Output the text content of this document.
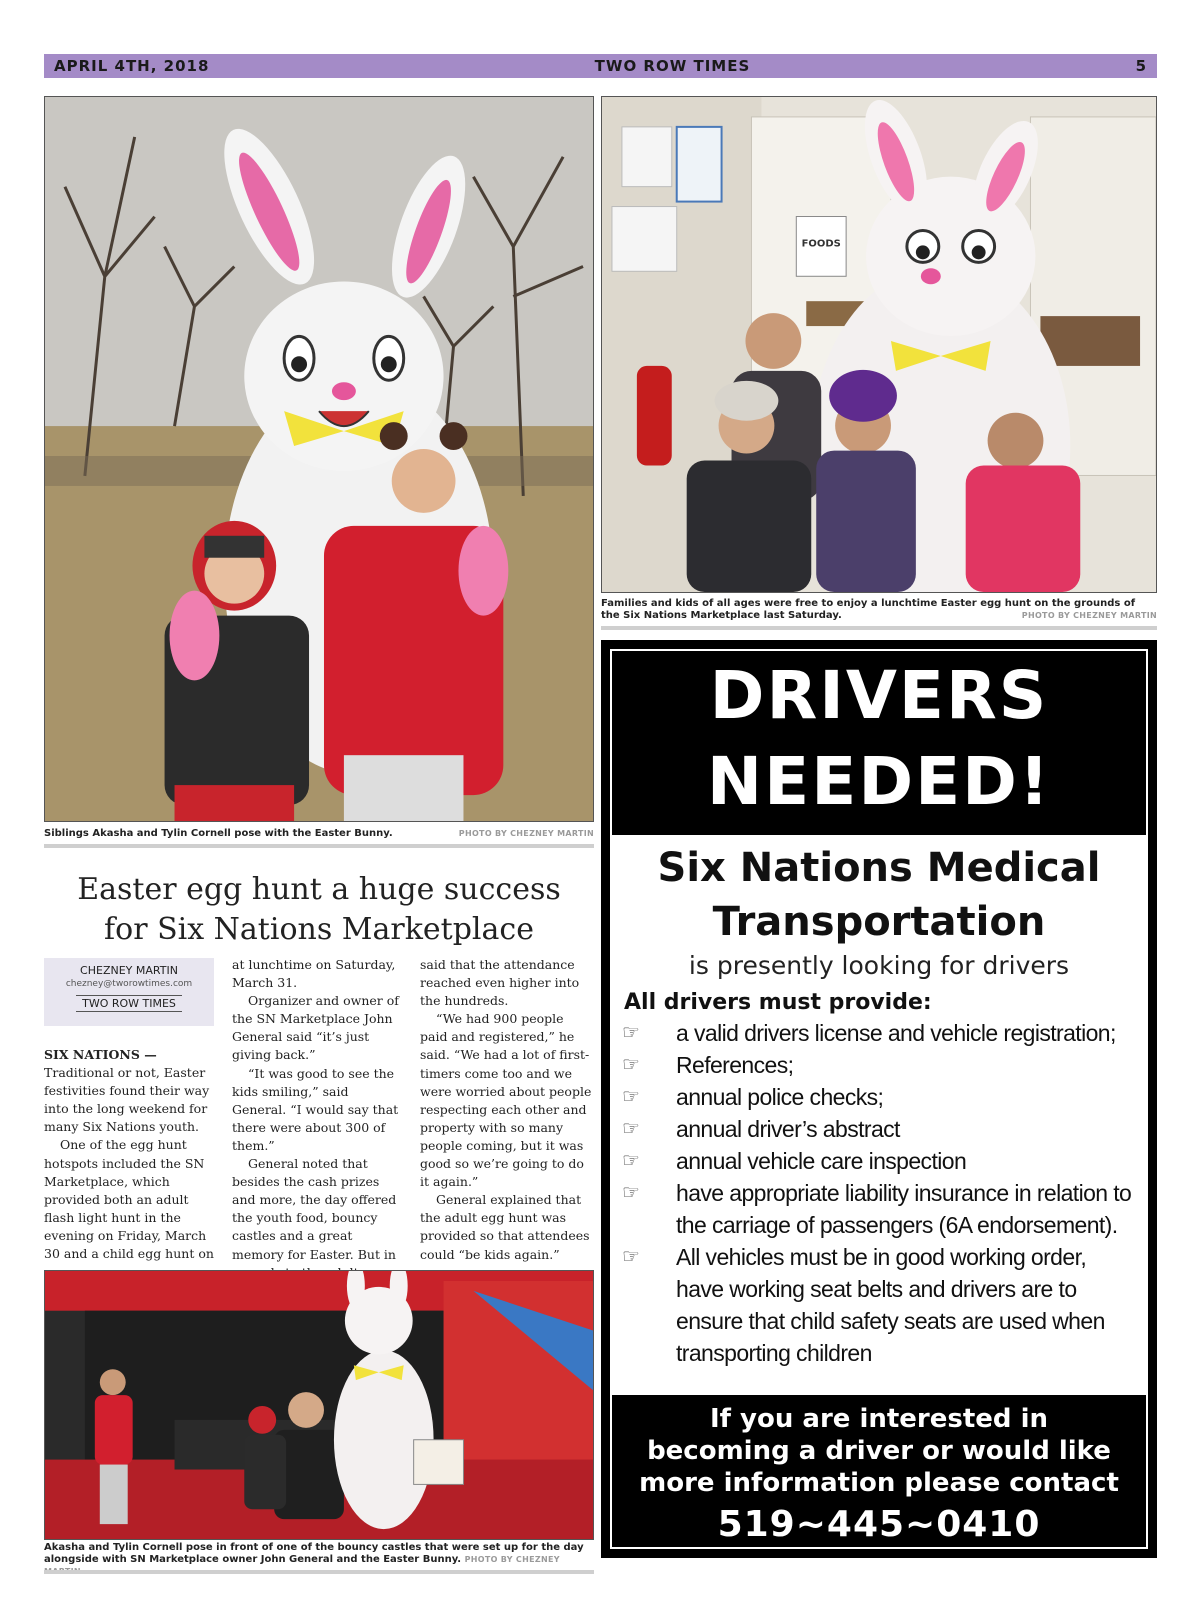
APRIL 4TH, 2018	TWO ROW TIMES	5
Siblings Akasha and Tylin Cornell pose with the Easter Bunny.	PHOTO BY CHEZNEY MARTIN
FOODS
Families and kids of all ages were free to enjoy a lunchtime Easter egg hunt on the grounds of the Six Nations Marketplace last Saturday.	PHOTO BY CHEZNEY MARTIN
Easter egg hunt a huge success
for Six Nations Marketplace
CHEZNEY MARTIN
chezney@tworowtimes.com
TWO ROW TIMES

SIX NATIONS — Traditional or not, Easter festivities found their way into the long weekend for many Six Nations youth.

One of the egg hunt hotspots included the SN Marketplace, which provided both an adult flash light hunt in the evening on Friday, March 30 and a child egg hunt on

at lunchtime on Saturday, March 31.

Organizer and owner of the SN Marketplace John General said “it’s just giving back.”

“It was good to see the kids smiling,” said General. “I would say that there were about 300 of them.”

General noted that besides the cash prizes and more, the day offered the youth food, bouncy castles and a great memory for Easter. But in

said that the attendance reached even higher into the hundreds.

“We had 900 people paid and registered,” he said. “We had a lot of first-timers come too and we were worried about people respecting each other and property with so many people coming, but it was good so we’re going to do it again.”

General explained that the adult egg hunt was provided so that attendees could “be kids again.”

Akasha and Tylin Cornell pose in front of one of the bouncy castles that were set up for the day alongside with SN Marketplace owner John General and the Easter Bunny. PHOTO BY CHEZNEY
DRIVERS
NEEDED!
Six Nations Medical
Transportation
is presently looking for drivers
All drivers must provide:
☞	a valid drivers license and vehicle registration;
☞	References;
☞	annual police checks;
☞	annual driver’s abstract
☞	annual vehicle care inspection
☞	have appropriate liability insurance in relation to the carriage of passengers (6A endorsement).
☞	All vehicles must be in good working order, have working seat belts and drivers are to ensure that child safety seats are used when transporting children
If you are interested in
becoming a driver or would like
more information please contact
519~445~0410
